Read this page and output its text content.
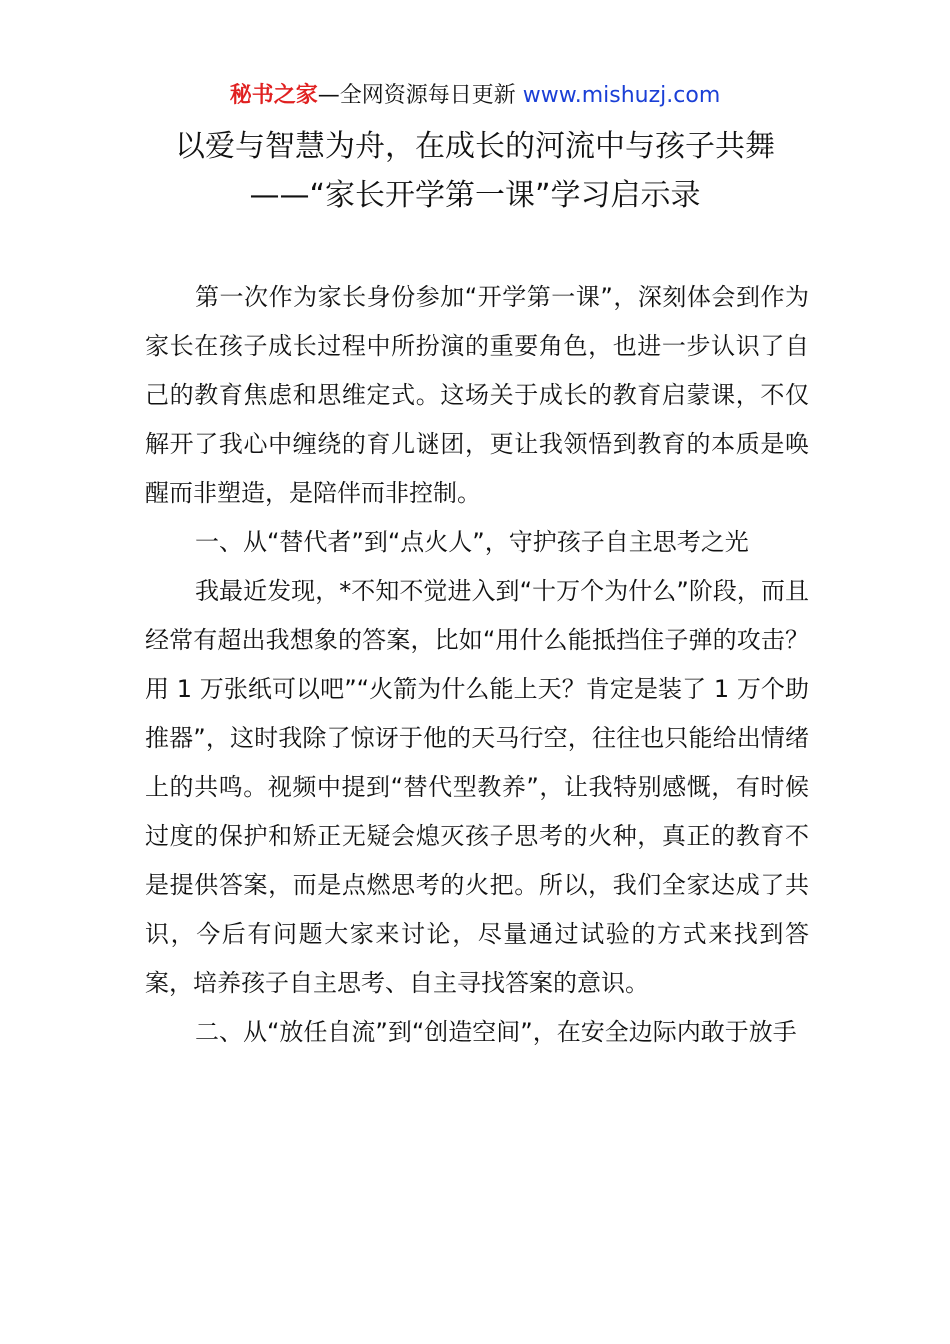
秘书之家—全网资源每日更新 www.mishuzj.com
以爱与智慧为舟，在成长的河流中与孩子共舞
——“家长开学第一课”学习启示录

第一次作为家长身份参加“开学第一课”，深刻体会到作为家长在孩子成长过程中所扮演的重要角色，也进一步认识了自己的教育焦虑和思维定式。这场关于成长的教育启蒙课，不仅解开了我心中缠绕的育儿谜团，更让我领悟到教育的本质是唤醒而非塑造，是陪伴而非控制。

一、从“替代者”到“点火人”，守护孩子自主思考之光

我最近发现，*不知不觉进入到“十万个为什么”阶段，而且经常有超出我想象的答案，比如“用什么能抵挡住子弹的攻击？用 1 万张纸可以吧”“火箭为什么能上天？肯定是装了 1 万个助推器”，这时我除了惊讶于他的天马行空，往往也只能给出情绪上的共鸣。视频中提到“替代型教养”，让我特别感慨，有时候过度的保护和矫正无疑会熄灭孩子思考的火种，真正的教育不是提供答案，而是点燃思考的火把。所以，我们全家达成了共识，今后有问题大家来讨论，尽量通过试验的方式来找到答案，培养孩子自主思考、自主寻找答案的意识。

二、从“放任自流”到“创造空间”，在安全边际内敢于放手
